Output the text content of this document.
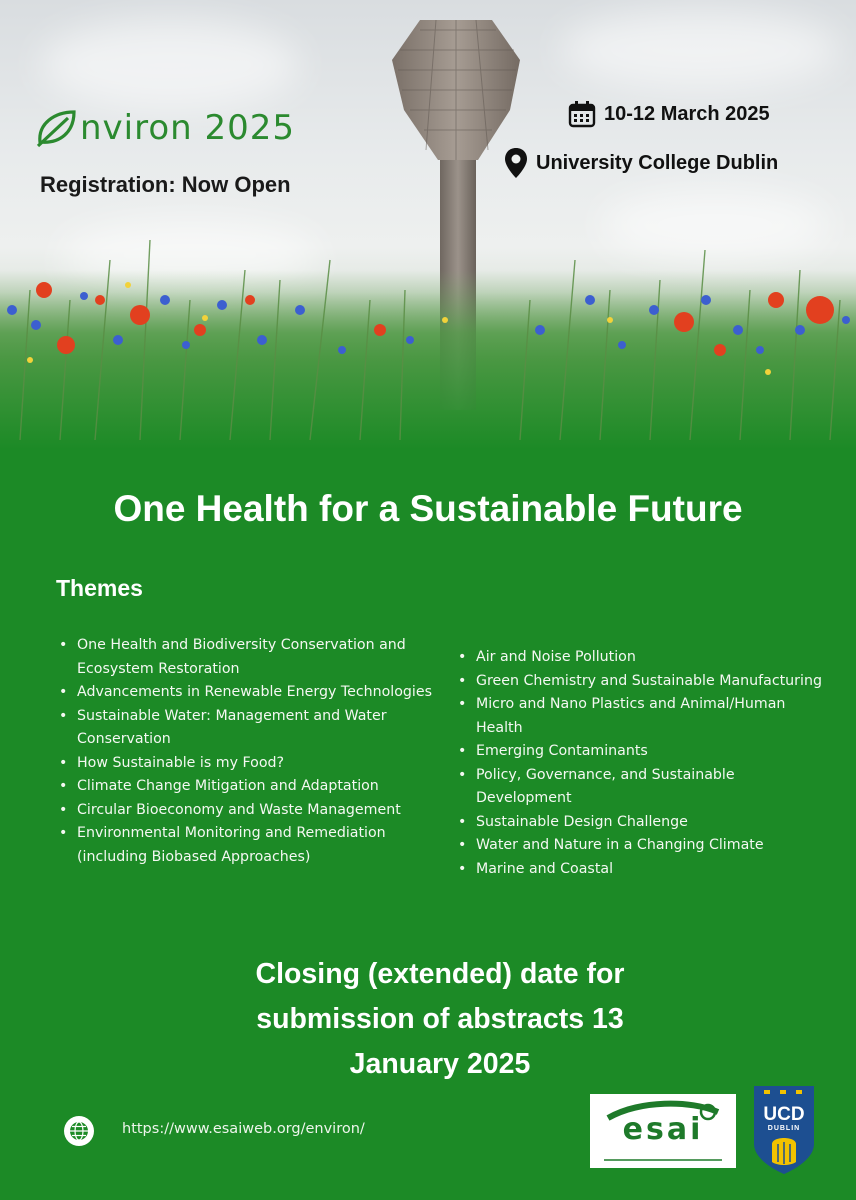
nviron 2025
Registration: Now Open
10-12 March 2025
University College Dublin
One Health for a Sustainable Future
Themes
• One Health and Biodiversity Conservation and Ecosystem Restoration
• Advancements in Renewable Energy Technologies
• Sustainable Water: Management and Water Conservation
• How Sustainable is my Food?
• Climate Change Mitigation and Adaptation
• Circular Bioeconomy and Waste Management
• Environmental Monitoring and Remediation (including Biobased Approaches)
• Air and Noise Pollution
• Green Chemistry and Sustainable Manufacturing
• Micro and Nano Plastics and Animal/Human Health
• Emerging Contaminants
• Policy, Governance, and Sustainable Development
• Sustainable Design Challenge
• Water and Nature in a Changing Climate
• Marine and Coastal
Closing (extended) date for
submission of abstracts 13
January 2025
https://www.esaiweb.org/environ/	esai	UCD
DUBLIN
